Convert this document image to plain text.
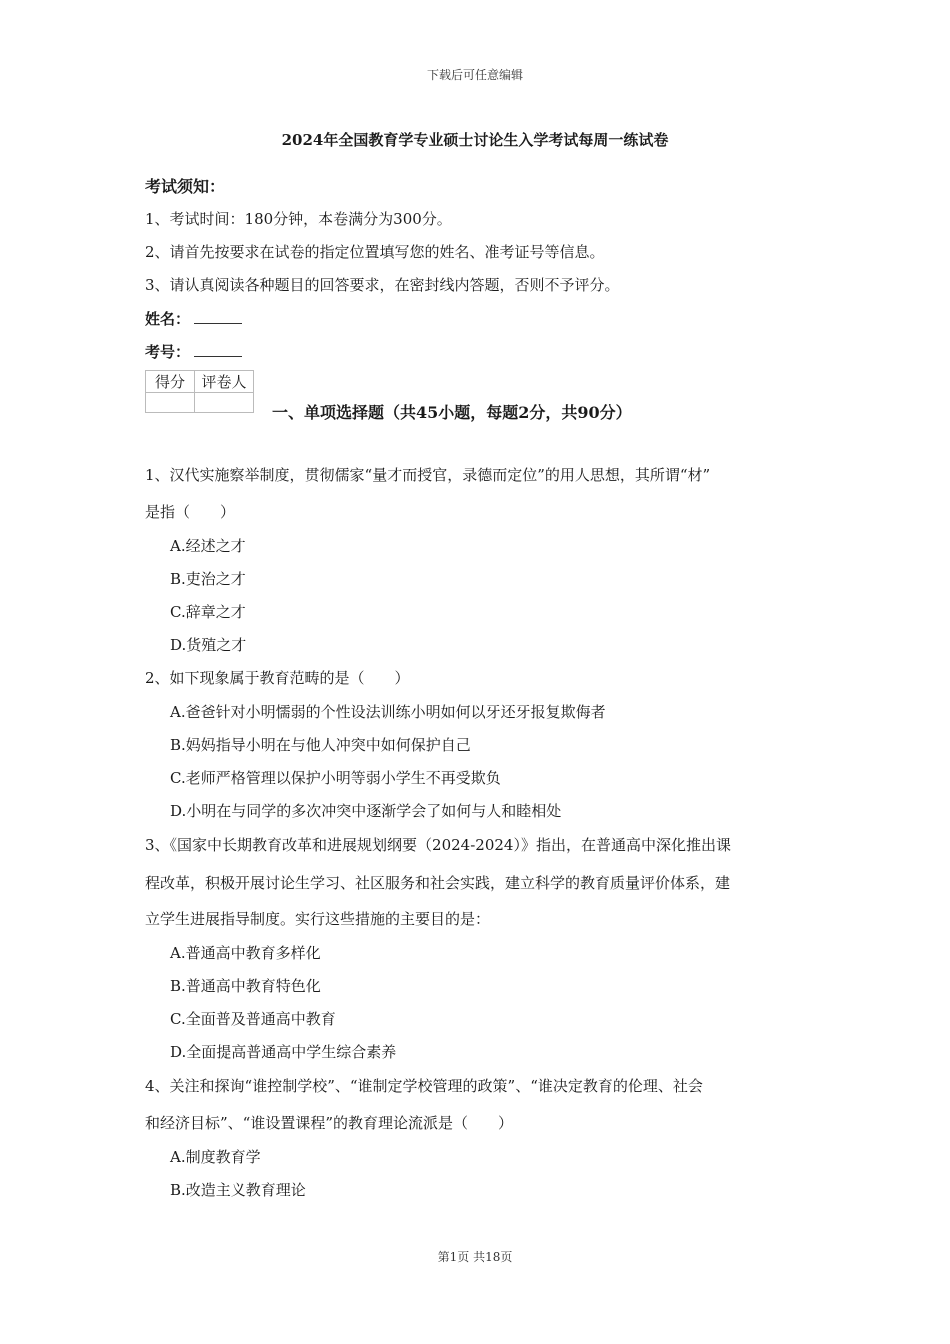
下载后可任意编辑
2024年全国教育学专业硕士讨论生入学考试每周一练试卷
考试须知：
1、考试时间：180分钟，本卷满分为300分。
2、请首先按要求在试卷的指定位置填写您的姓名、准考证号等信息。
3、请认真阅读各种题目的回答要求，在密封线内答题，否则不予评分。
姓名：
考号：
得分	评卷人

一、单项选择题（共45小题，每题2分，共90分）
1、汉代实施察举制度，贯彻儒家“量才而授官，录德而定位”的用人思想，其所谓“材”
是指（　　）
A.经述之才
B.吏治之才
C.辞章之才
D.货殖之才
2、如下现象属于教育范畴的是（　　）
A.爸爸针对小明懦弱的个性设法训练小明如何以牙还牙报复欺侮者
B.妈妈指导小明在与他人冲突中如何保护自己
C.老师严格管理以保护小明等弱小学生不再受欺负
D.小明在与同学的多次冲突中逐渐学会了如何与人和睦相处
3、《国家中长期教育改革和进展规划纲要（2024-2024）》指出，在普通高中深化推出课
程改革，积极开展讨论生学习、社区服务和社会实践，建立科学的教育质量评价体系，建
立学生进展指导制度。实行这些措施的主要目的是：
A.普通高中教育多样化
B.普通高中教育特色化
C.全面普及普通高中教育
D.全面提高普通高中学生综合素养
4、关注和探询“谁控制学校”、“谁制定学校管理的政策”、“谁决定教育的伦理、社会
和经济目标”、“谁设置课程”的教育理论流派是（　　）
A.制度教育学
B.改造主义教育理论
第1页 共18页
